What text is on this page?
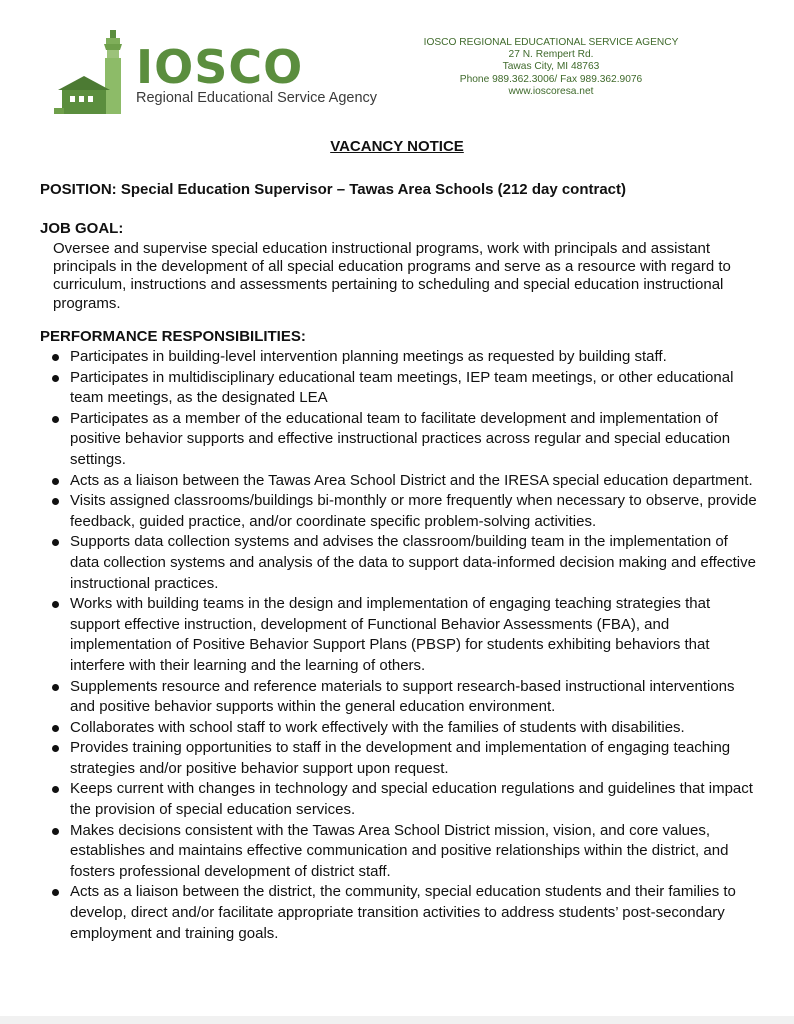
IOSCO
Regional Educational Service Agency
IOSCO REGIONAL EDUCATIONAL SERVICE AGENCY
27 N. Rempert Rd.
Tawas City, MI 48763
Phone 989.362.3006/ Fax 989.362.9076
www.ioscoresa.net
VACANCY NOTICE
POSITION: Special Education Supervisor – Tawas Area Schools (212 day contract)
JOB GOAL:
Oversee and supervise special education instructional programs, work with principals and assistant principals in the development of all special education programs and serve as a resource with regard to curriculum, instructions and assessments pertaining to scheduling and special education instructional programs.
PERFORMANCE RESPONSIBILITIES:
Participates in building-level intervention planning meetings as requested by building staff.
Participates in multidisciplinary educational team meetings, IEP team meetings, or other educational team meetings, as the designated LEA
Participates as a member of the educational team to facilitate development and implementation of positive behavior supports and effective instructional practices across regular and special education settings.
Acts as a liaison between the Tawas Area School District and the IRESA special education department.
Visits assigned classrooms/buildings bi-monthly or more frequently when necessary to observe, provide feedback, guided practice, and/or coordinate specific problem-solving activities.
Supports data collection systems and advises the classroom/building team in the implementation of data collection systems and analysis of the data to support data-informed decision making and effective instructional practices.
Works with building teams in the design and implementation of engaging teaching strategies that support effective instruction, development of Functional Behavior Assessments (FBA), and implementation of Positive Behavior Support Plans (PBSP) for students exhibiting behaviors that interfere with their learning and the learning of others.
Supplements resource and reference materials to support research-based instructional interventions and positive behavior supports within the general education environment.
Collaborates with school staff to work effectively with the families of students with disabilities.
Provides training opportunities to staff in the development and implementation of engaging teaching strategies and/or positive behavior support upon request.
Keeps current with changes in technology and special education regulations and guidelines that impact the provision of special education services.
Makes decisions consistent with the Tawas Area School District mission, vision, and core values, establishes and maintains effective communication and positive relationships within the district, and fosters professional development of district staff.
Acts as a liaison between the district, the community, special education students and their families to develop, direct and/or facilitate appropriate transition activities to address students’ post-secondary employment and training goals.
